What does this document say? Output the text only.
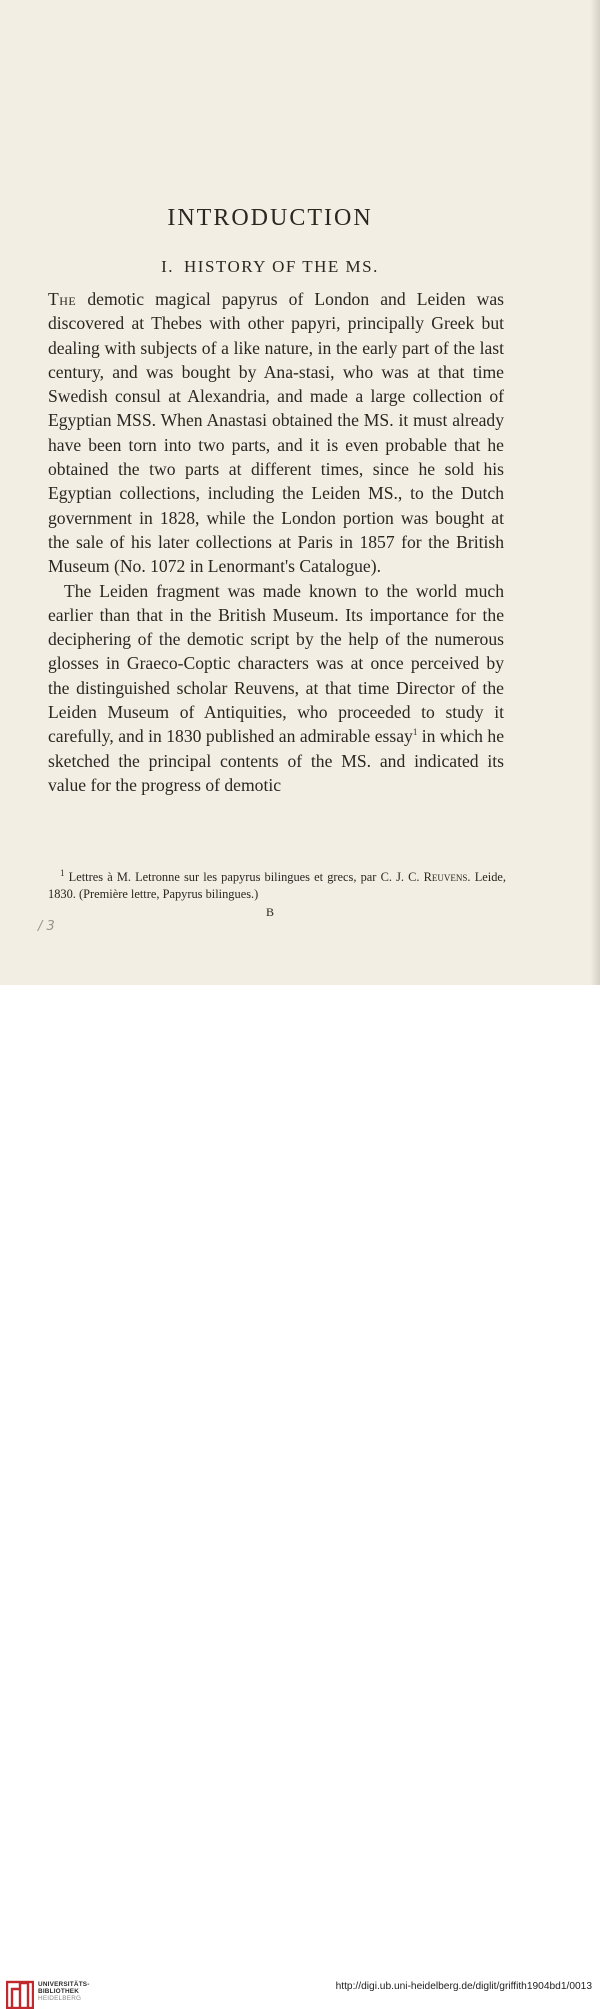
INTRODUCTION
I. HISTORY OF THE MS.

The demotic magical papyrus of London and Leiden was discovered at Thebes with other papyri, principally Greek but dealing with subjects of a like nature, in the early part of the last century, and was bought by Ana-stasi, who was at that time Swedish consul at Alexandria, and made a large collection of Egyptian MSS. When Anastasi obtained the MS. it must already have been torn into two parts, and it is even probable that he obtained the two parts at different times, since he sold his Egyptian collections, including the Leiden MS., to the Dutch government in 1828, while the London portion was bought at the sale of his later collections at Paris in 1857 for the British Museum (No. 1072 in Lenormant's Catalogue).

The Leiden fragment was made known to the world much earlier than that in the British Museum. Its importance for the deciphering of the demotic script by the help of the numerous glosses in Graeco-Coptic characters was at once perceived by the distinguished scholar Reuvens, at that time Director of the Leiden Museum of Antiquities, who proceeded to study it carefully, and in 1830 published an admirable essay$^1$ in which he sketched the principal contents of the MS. and indicated its value for the progress of demotic

$^1$ Lettres à M. Letronne sur les papyrus bilingues et grecs, par C. J. C. Reuvens. Leide, 1830. (Première lettre, Papyrus bilingues.)

B

/ 3
UNIVERSITÄTS-
BIBLIOTHEK
HEIDELBERG

http://digi.ub.uni-heidelberg.de/diglit/griffith1904bd1/0013
